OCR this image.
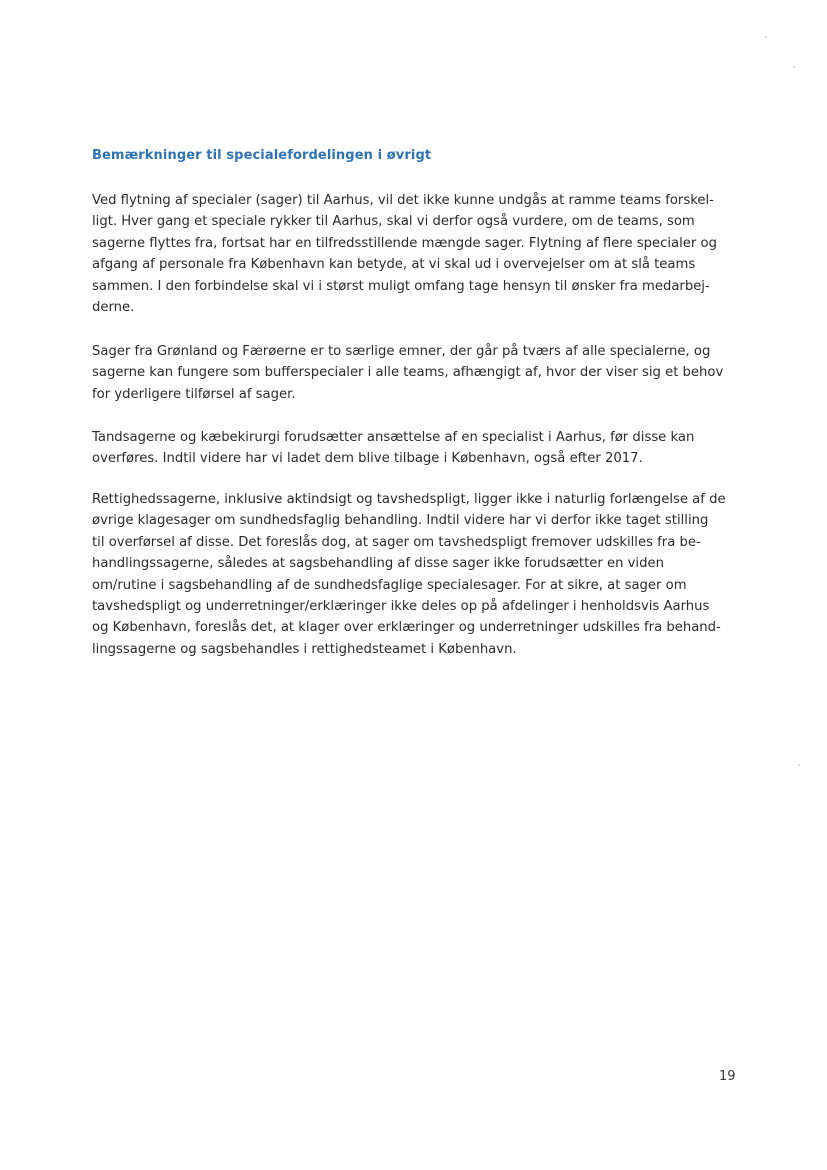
Bemærkninger til specialefordelingen i øvrigt

Ved flytning af specialer (sager) til Aarhus, vil det ikke kunne undgås at ramme teams forskel-
ligt. Hver gang et speciale rykker til Aarhus, skal vi derfor også vurdere, om de teams, som
sagerne flyttes fra, fortsat har en tilfredsstillende mængde sager. Flytning af flere specialer og
afgang af personale fra København kan betyde, at vi skal ud i overvejelser om at slå teams
sammen. I den forbindelse skal vi i størst muligt omfang tage hensyn til ønsker fra medarbej-
derne.

Sager fra Grønland og Færøerne er to særlige emner, der går på tværs af alle specialerne, og
sagerne kan fungere som bufferspecialer i alle teams, afhængigt af, hvor der viser sig et behov
for yderligere tilførsel af sager.

Tandsagerne og kæbekirurgi forudsætter ansættelse af en specialist i Aarhus, før disse kan
overføres. Indtil videre har vi ladet dem blive tilbage i København, også efter 2017.

Rettighedssagerne, inklusive aktindsigt og tavshedspligt, ligger ikke i naturlig forlængelse af de
øvrige klagesager om sundhedsfaglig behandling. Indtil videre har vi derfor ikke taget stilling
til overførsel af disse. Det foreslås dog, at sager om tavshedspligt fremover udskilles fra be-
handlingssagerne, således at sagsbehandling af disse sager ikke forudsætter en viden
om/rutine i sagsbehandling af de sundhedsfaglige specialesager. For at sikre, at sager om
tavshedspligt og underretninger/erklæringer ikke deles op på afdelinger i henholdsvis Aarhus
og København, foreslås det, at klager over erklæringer og underretninger udskilles fra behand-
lingssagerne og sagsbehandles i rettighedsteamet i København.

19
